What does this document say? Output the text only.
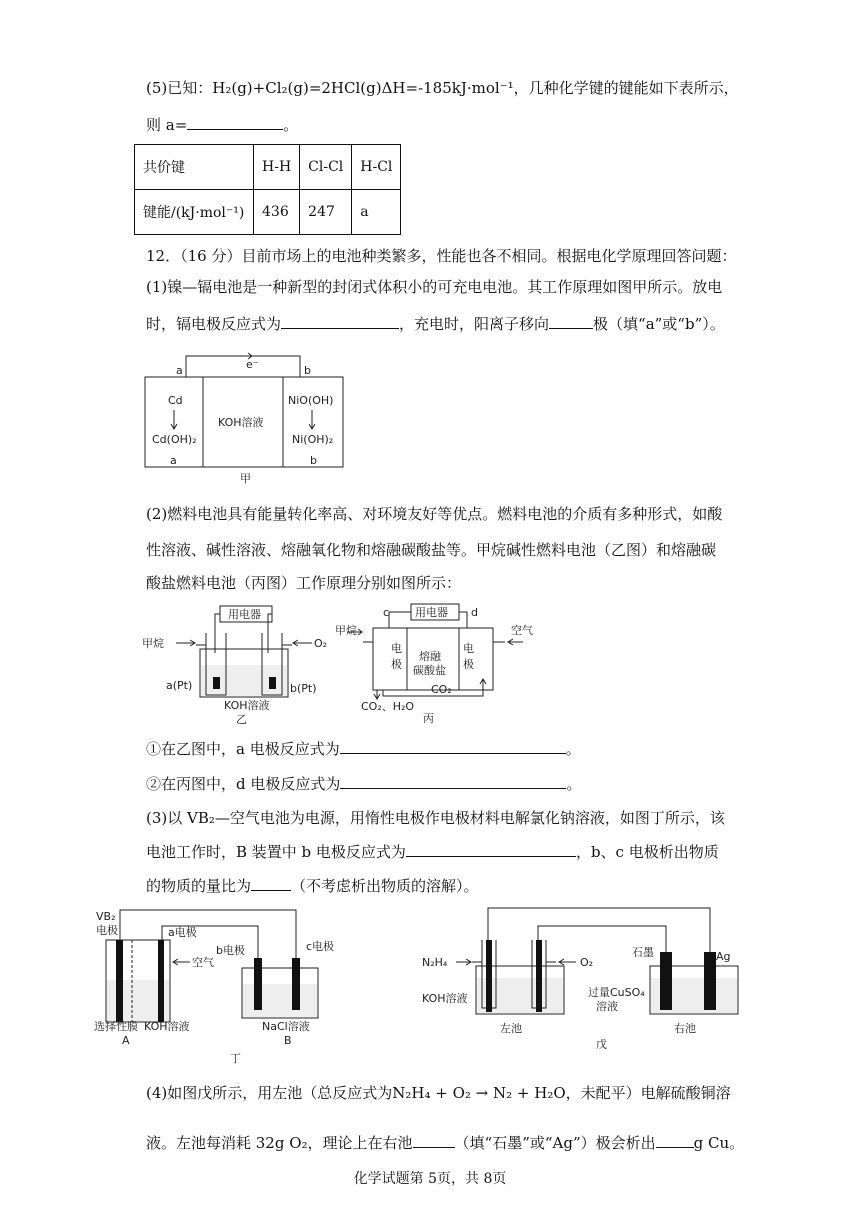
(5)已知：H₂(g)+Cl₂(g)=2HCl(g)ΔH=-185kJ·mol⁻¹，几种化学键的键能如下表所示，
则 a=	。
共价键	H-H	Cl-Cl	H-Cl
键能/(kJ·mol⁻¹)	436	247	a
12．（16 分）目前市场上的电池种类繁多，性能也各不相同。根据电化学原理回答问题：
(1)镍—镉电池是一种新型的封闭式体积小的可充电电池。其工作原理如图甲所示。放电
时，镉电极反应式为	，充电时，阳离子移向	极（填“a”或“b”）。
e⁻
a	b
Cd
Cd(OH)₂
KOH溶液
NiO(OH)
Ni(OH)₂
a	b
甲
(2)燃料电池具有能量转化率高、对环境友好等优点。燃料电池的介质有多种形式，如酸
性溶液、碱性溶液、熔融氧化物和熔融碳酸盐等。甲烷碱性燃料电池（乙图）和熔融碳
酸盐燃料电池（丙图）工作原理分别如图所示：
用电器
甲烷	O₂
a(Pt)	b(Pt)
KOH溶液
乙
用电器
c	d
甲烷	空气
电
极
熔融
碳酸盐
电
极
CO₂
CO₂、H₂O
丙
①在乙图中，a 电极反应式为	。
②在丙图中，d 电极反应式为	。
(3)以 VB₂—空气电池为电源，用惰性电极作电极材料电解氯化钠溶液，如图丁所示，该
电池工作时，B 装置中 b 电极反应式为	，b、c 电极析出物质
的物质的量比为	（不考虑析出物质的溶解）。
VB₂
电极	a电极
空气
选择性膜 KOH溶液
A
b电极	c电极
NaCl溶液
B
丁
N₂H₄	O₂
KOH溶液
左池
石墨	Ag
过量CuSO₄
溶液
右池
戊
(4)如图戊所示，用左池（总反应式为N₂H₄ + O₂ → N₂ + H₂O，未配平）电解硫酸铜溶
液。左池每消耗 32g O₂，理论上在右池	（填“石墨”或“Ag”）极会析出	g Cu。
化学试题第 5页，共 8页
